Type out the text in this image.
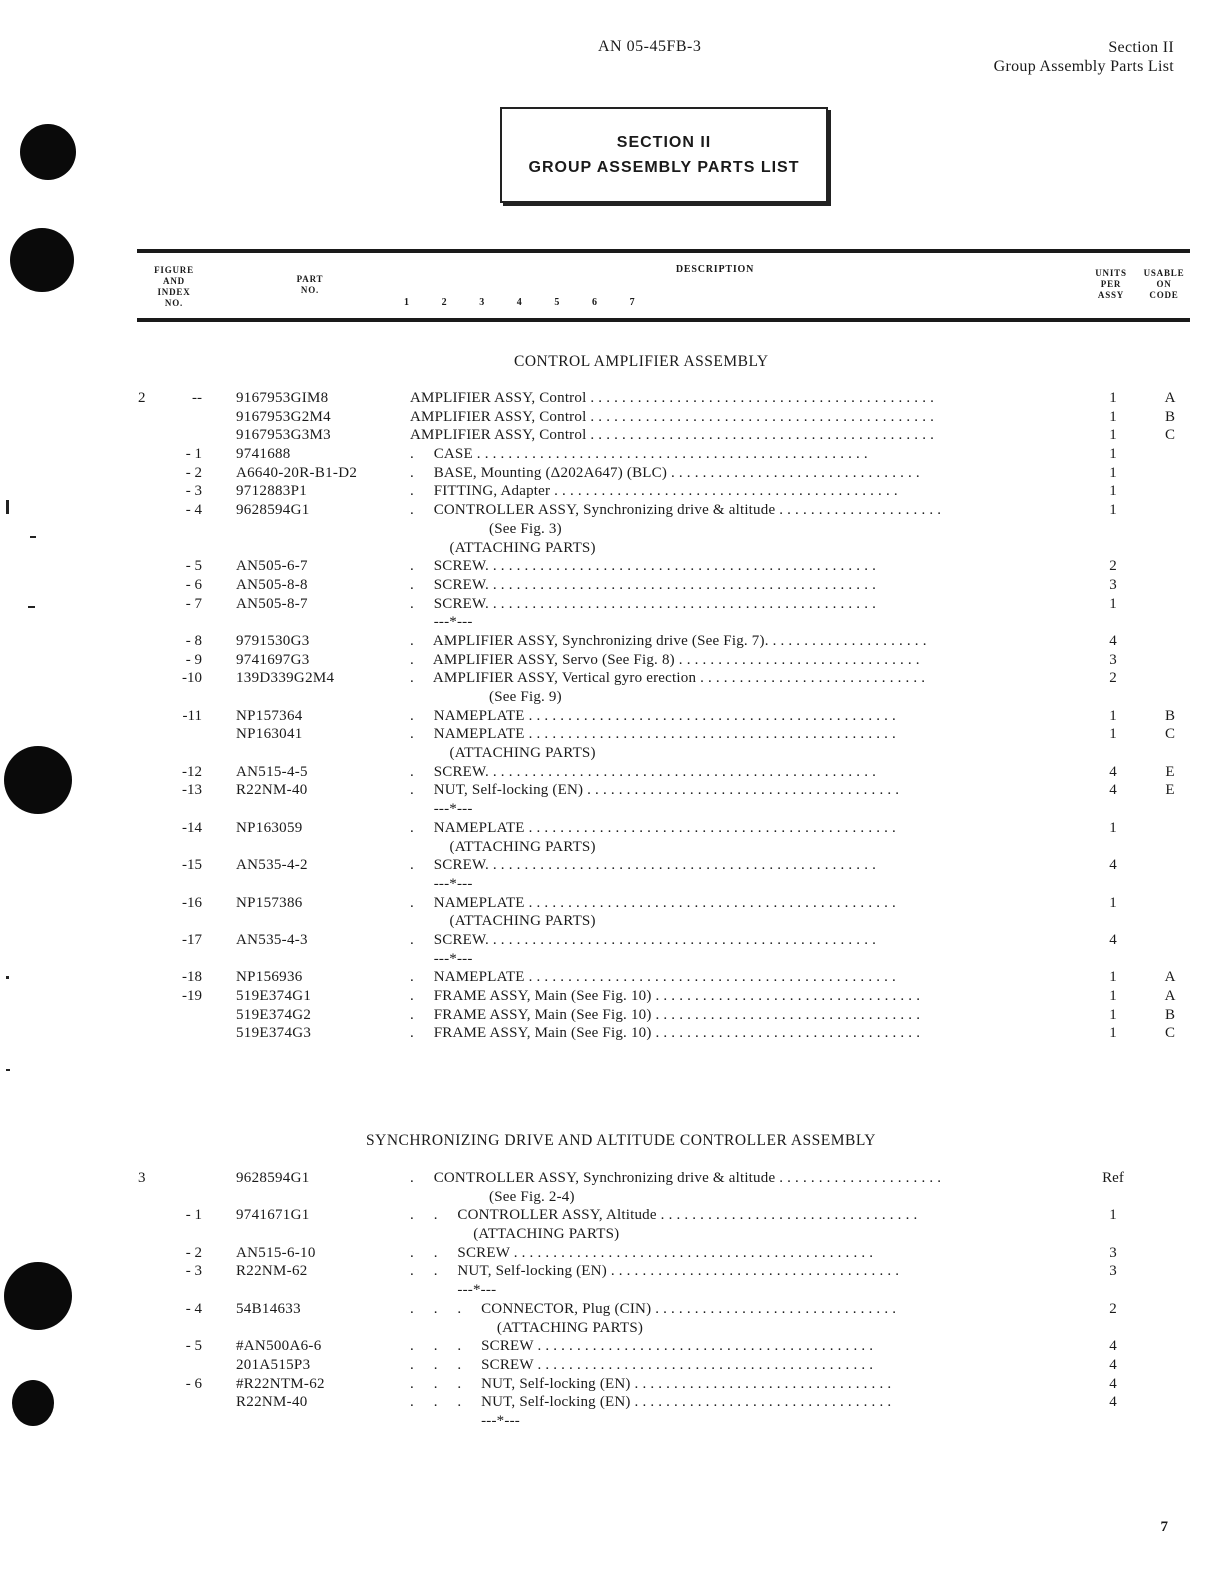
AN 05-45FB-3	Section II
Group Assembly Parts List
SECTION II
GROUP ASSEMBLY PARTS LIST
FIGURE
AND
INDEX
NO.
PART
NO.
DESCRIPTION
1	2	3	4	5	6	7
UNITS
PER
ASSY
USABLE
ON
CODE
CONTROL AMPLIFIER ASSEMBLY
2	-- 9167953GIM8	AMPLIFIER ASSY, Control . . . . . . . . . . . . . . . . . . . . . . . . . . . . . . . . . . . . . . . . . . . .	1	A
9167953G2M4	AMPLIFIER ASSY, Control . . . . . . . . . . . . . . . . . . . . . . . . . . . . . . . . . . . . . . . . . . . .	1	B
9167953G3M3	AMPLIFIER ASSY, Control . . . . . . . . . . . . . . . . . . . . . . . . . . . . . . . . . . . . . . . . . . . .	1	C
- 1 9741688	.     CASE . . . . . . . . . . . . . . . . . . . . . . . . . . . . . . . . . . . . . . . . . . . . . . . . . .	1
- 2 A6640-20R-B1-D2	.     BASE, Mounting (Δ202A647) (BLC) . . . . . . . . . . . . . . . . . . . . . . . . . . . . . . . .	1
- 3 9712883P1	.     FITTING, Adapter . . . . . . . . . . . . . . . . . . . . . . . . . . . . . . . . . . . . . . . . . . . .	1
- 4 9628594G1	.     CONTROLLER ASSY, Synchronizing drive & altitude . . . . . . . . . . . . . . . . . . . . .	1
(See Fig. 3)
(ATTACHING PARTS)
- 5 AN505-6-7	.     SCREW. . . . . . . . . . . . . . . . . . . . . . . . . . . . . . . . . . . . . . . . . . . . . . . . . .	2
- 6 AN505-8-8	.     SCREW. . . . . . . . . . . . . . . . . . . . . . . . . . . . . . . . . . . . . . . . . . . . . . . . . .	3
- 7 AN505-8-7	.     SCREW. . . . . . . . . . . . . . . . . . . . . . . . . . . . . . . . . . . . . . . . . . . . . . . . . .	1
---*---
- 8 9791530G3	.     AMPLIFIER ASSY, Synchronizing drive (See Fig. 7). . . . . . . . . . . . . . . . . . . . .	4
- 9 9741697G3	.     AMPLIFIER ASSY, Servo (See Fig. 8) . . . . . . . . . . . . . . . . . . . . . . . . . . . . . . .	3
-10 139D339G2M4	.     AMPLIFIER ASSY, Vertical gyro erection . . . . . . . . . . . . . . . . . . . . . . . . . . . . .	2
(See Fig. 9)
-11 NP157364	.     NAMEPLATE . . . . . . . . . . . . . . . . . . . . . . . . . . . . . . . . . . . . . . . . . . . . . . .	1	B
NP163041	.     NAMEPLATE . . . . . . . . . . . . . . . . . . . . . . . . . . . . . . . . . . . . . . . . . . . . . . .	1	C
(ATTACHING PARTS)
-12 AN515-4-5	.     SCREW. . . . . . . . . . . . . . . . . . . . . . . . . . . . . . . . . . . . . . . . . . . . . . . . . .	4	E
-13 R22NM-40	.     NUT, Self-locking (EN) . . . . . . . . . . . . . . . . . . . . . . . . . . . . . . . . . . . . . . . .	4	E
---*---
-14 NP163059	.     NAMEPLATE . . . . . . . . . . . . . . . . . . . . . . . . . . . . . . . . . . . . . . . . . . . . . . .	1
(ATTACHING PARTS)
-15 AN535-4-2	.     SCREW. . . . . . . . . . . . . . . . . . . . . . . . . . . . . . . . . . . . . . . . . . . . . . . . . .	4
---*---
-16 NP157386	.     NAMEPLATE . . . . . . . . . . . . . . . . . . . . . . . . . . . . . . . . . . . . . . . . . . . . . . .	1
(ATTACHING PARTS)
-17 AN535-4-3	.     SCREW. . . . . . . . . . . . . . . . . . . . . . . . . . . . . . . . . . . . . . . . . . . . . . . . . .	4
---*---
-18 NP156936	.     NAMEPLATE . . . . . . . . . . . . . . . . . . . . . . . . . . . . . . . . . . . . . . . . . . . . . . .	1	A
-19 519E374G1	.     FRAME ASSY, Main (See Fig. 10) . . . . . . . . . . . . . . . . . . . . . . . . . . . . . . . . . .	1	A
519E374G2	.     FRAME ASSY, Main (See Fig. 10) . . . . . . . . . . . . . . . . . . . . . . . . . . . . . . . . . .	1	B
519E374G3	.     FRAME ASSY, Main (See Fig. 10) . . . . . . . . . . . . . . . . . . . . . . . . . . . . . . . . . .	1	C
SYNCHRONIZING DRIVE AND ALTITUDE CONTROLLER ASSEMBLY
3	9628594G1	.     CONTROLLER ASSY, Synchronizing drive & altitude . . . . . . . . . . . . . . . . . . . . .	Ref
(See Fig. 2-4)
- 1 9741671G1	.     .     CONTROLLER ASSY, Altitude . . . . . . . . . . . . . . . . . . . . . . . . . . . . . . . . .	1
(ATTACHING PARTS)
- 2 AN515-6-10	.     .     SCREW . . . . . . . . . . . . . . . . . . . . . . . . . . . . . . . . . . . . . . . . . . . . . .	3
- 3 R22NM-62	.     .     NUT, Self-locking (EN) . . . . . . . . . . . . . . . . . . . . . . . . . . . . . . . . . . . . .	3
---*---
- 4 54B14633	.     .     .     CONNECTOR, Plug (CIN) . . . . . . . . . . . . . . . . . . . . . . . . . . . . . . .	2
(ATTACHING PARTS)
- 5 #AN500A6-6	.     .     .     SCREW . . . . . . . . . . . . . . . . . . . . . . . . . . . . . . . . . . . . . . . . . . .	4
201A515P3	.     .     .     SCREW . . . . . . . . . . . . . . . . . . . . . . . . . . . . . . . . . . . . . . . . . . .	4
- 6 #R22NTM-62	.     .     .     NUT, Self-locking (EN) . . . . . . . . . . . . . . . . . . . . . . . . . . . . . . . . .	4
R22NM-40	.     .     .     NUT, Self-locking (EN) . . . . . . . . . . . . . . . . . . . . . . . . . . . . . . . . .	4
---*---
7
